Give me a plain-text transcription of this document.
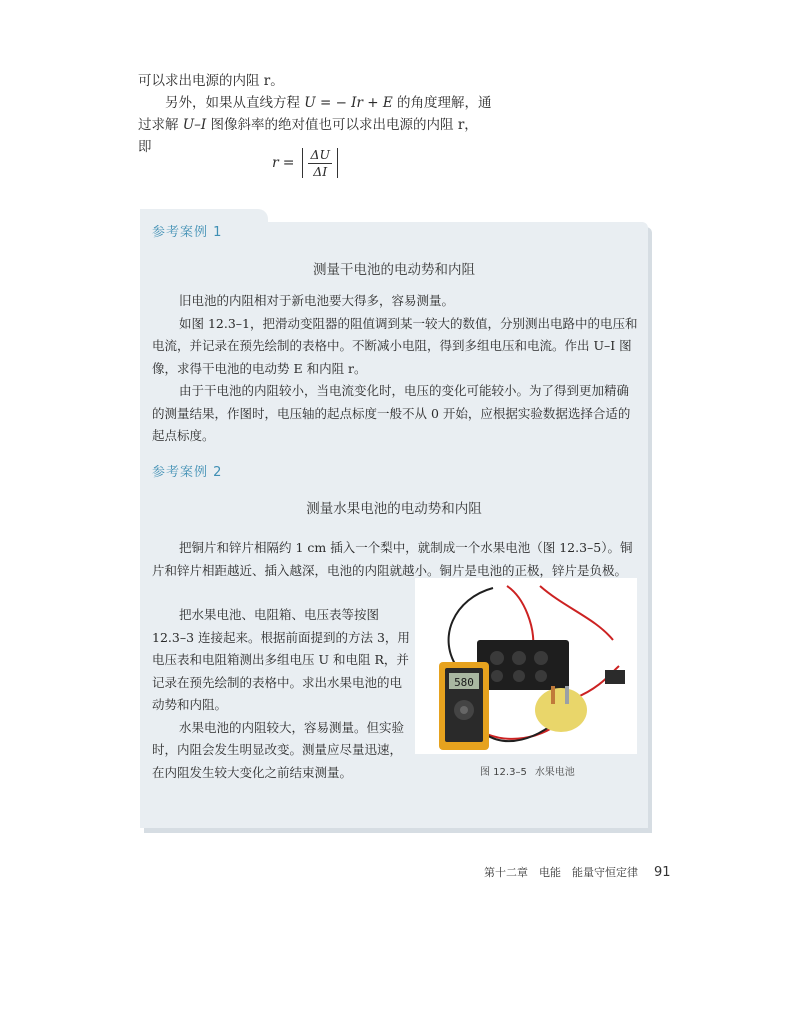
可以求出电源的内阻 r。

另外，如果从直线方程 U = − Ir + E 的角度理解，通过求解 U–I 图像斜率的绝对值也可以求出电源的内阻 r，

即

$r = \frac{\Delta U}{\Delta I}$
参考案例 1
测量干电池的电动势和内阻

旧电池的内阻相对于新电池要大得多，容易测量。

如图 12.3–1，把滑动变阻器的阻值调到某一较大的数值，分别测出电路中的电压和电流，并记录在预先绘制的表格中。不断减小电阻，得到多组电压和电流。作出 U–I 图像，求得干电池的电动势 E 和内阻 r。

由于干电池的内阻较小，当电流变化时，电压的变化可能较小。为了得到更加精确的测量结果，作图时，电压轴的起点标度一般不从 0 开始，应根据实验数据选择合适的起点标度。

参考案例 2
测量水果电池的电动势和内阻

把铜片和锌片相隔约 1 cm 插入一个梨中，就制成一个水果电池（图 12.3–5）。铜片和锌片相距越近、插入越深，电池的内阻就越小。铜片是电池的正极，锌片是负极。

把水果电池、电阻箱、电压表等按图 12.3–3 连接起来。根据前面提到的方法 3，用电压表和电阻箱测出多组电压 U 和电阻 R，并记录在预先绘制的表格中。求出水果电池的电动势和内阻。

水果电池的内阻较大，容易测量。但实验时，内阻会发生明显改变。测量应尽量迅速，在内阻发生较大变化之前结束测量。

580
图 12.3–5 水果电池
第十二章　电能　能量守恒定律 91
